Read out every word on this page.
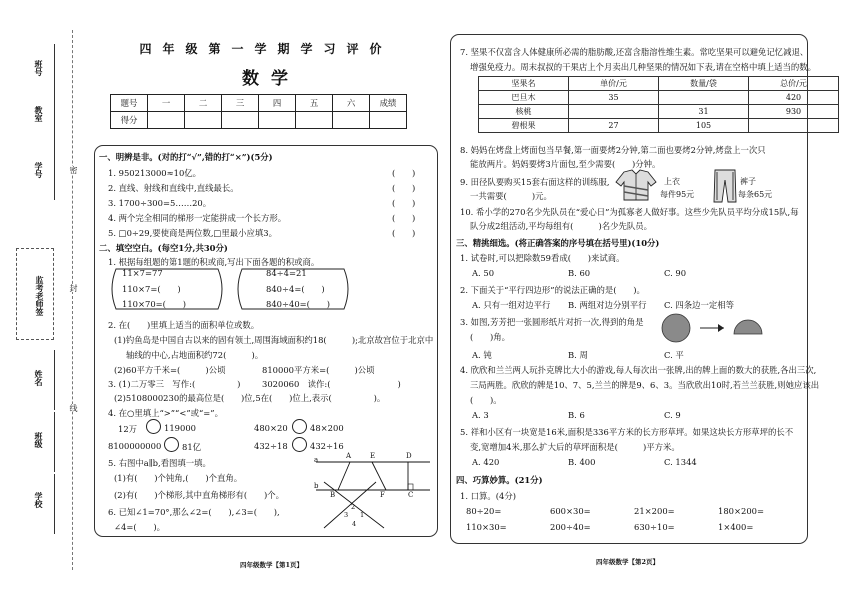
班号
教室
学号
监考老师签
姓名
班级
学校
密
封
线
四年级第一学期学习评价
数学
题号	一	二	三	四	五	六	成绩
得分							
一、明辨是非。(对的打“√”,错的打“×”)(5分)
1. 950213000≈10亿。
2. 直线、射线和直线中,直线最长。
3. 1700÷300=5……20。
4. 两个完全相同的梯形一定能拼成一个长方形。
5. □0÷29,要使商是两位数,□里最小应填3。
(　　)
(　　)
(　　)
(　　)
(　　)
二、填空空白。(每空1分,共30分)
1. 根据每组题的第1题的积或商,写出下面各题的积或商。
11×7=77
110×7=(　　)
110×70=(　　)
84÷4=21
840÷4=(　　)
840÷40=(　　)
2. 在(　　)里填上适当的面积单位或数。
(1)钓鱼岛是中国自古以来的固有领土,周围海域面积约18(　　　);北京故宫位于北京中
轴线的中心,占地面积约72(　　　)。
(2)60平方千米=(　　　)公顷	810000平方米=(　　　)公顷
3. (1)二万零三　写作:(　　　　　)	3020060　读作:(　　　　　　　　)
(2)5108000230的最高位是(　　)位,5在(　　)位上,表示(　　　　　)。
4. 在○里填上“>”“<”或“=”。
12万	119000	480×20	48×200
8100000000 81亿	432÷18	432÷16
5. 右图中a∥b,看图填一填。
(1)有(　　)个钝角,(　　)个直角。
(2)有(　　)个梯形,其中直角梯形有(　　)个。
6. 已知∠1=70°,那么∠2=(　　),∠3=(　　),
∠4=(　　)。
a
b
A	E	D
B	F	C
1
2
3
4
四年级数学【第1页】
7. 坚果不仅富含人体健康所必需的脂肪酸,还富含脂溶性维生素。常吃坚果可以避免记忆减退、
增强免疫力。周末叔叔的干果店上个月卖出几种坚果的情况如下表,请在空格中填上适当的数。
坚果名	单价/元	数量/袋	总价/元
巴旦木	35		420
核桃		31	930
碧根果	27	105	
8. 妈妈在烤盘上烤面包当早餐,第一面要烤2分钟,第二面也要烤2分钟,烤盘上一次只
能放两片。妈妈要烤3片面包,至少需要(　　)分钟。
9. 田径队要购买15套右面这样的训练服,
一共需要(　　　)元。
上衣
每件95元
裤子
每条65元
10. 希小学的270名少先队员在“爱心日”为孤寡老人做好事。这些少先队员平均分成15队,每
队分成2组活动,平均每组有(　　　)名少先队员。
三、精挑细选。(将正确答案的序号填在括号里)(10分)
1. 试卷时,可以把除数59看成(　　)来试商。
A. 50	B. 60	C. 90
2. 下面关于“平行四边形”的说法正确的是(　　)。
A. 只有一组对边平行 B. 两组对边分别平行 C. 四条边一定相等
3. 如图,芳芳把一张圆形纸片对折一次,得到的角是
(　　)角。
A. 钝	B. 周	C. 平
4. 欣欣和兰兰两人玩扑克牌比大小的游戏,每人每次出一张牌,出的牌上面的数大的获胜,各出三次,
三局两胜。欣欣的牌是10、7、5,兰兰的牌是9、6、3。当欣欣出10时,若兰兰获胜,则她应该出
(　　)。
A. 3	B. 6	C. 9
5. 祥和小区有一块宽是16米,面积是336平方米的长方形草坪。如果这块长方形草坪的长不
变,宽增加4米,那么扩大后的草坪面积是(　　　)平方米。
A. 420	B. 400	C. 1344
四、巧算妙算。(21分)
1. 口算。(4分)
80÷20=	600×30=	21×200=	180×200=
110×30=	200÷40=	630÷10=	1×400=
四年级数学【第2页】
